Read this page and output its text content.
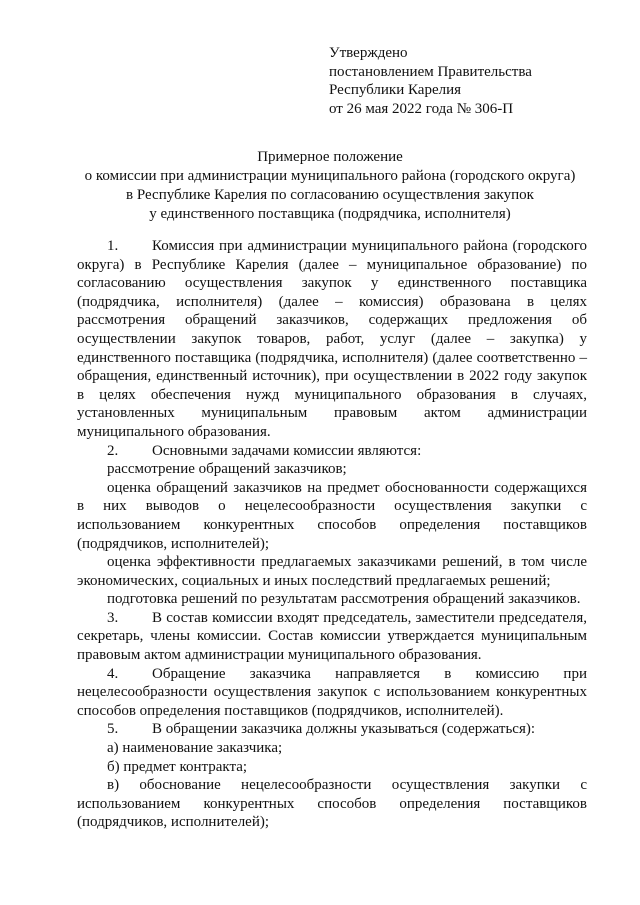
Утверждено
постановлением Правительства
Республики Карелия
от 26 мая 2022 года № 306-П
Примерное положение
о комиссии при администрации муниципального района (городского округа)
в Республике Карелия по согласованию осуществления закупок
у единственного поставщика (подрядчика, исполнителя)

1. Комиссия при администрации муниципального района (городского округа) в Республике Карелия (далее – муниципальное образование) по согласованию осуществления закупок у единственного поставщика (подрядчика, исполнителя) (далее – комиссия) образована в целях рассмотрения обращений заказчиков, содержащих предложения об осуществлении закупок товаров, работ, услуг (далее – закупка) у единственного поставщика (подрядчика, исполнителя) (далее соответственно – обращения, единственный источник), при осуществлении в 2022 году закупок в целях обеспечения нужд муниципального образования в случаях, установленных муниципальным правовым актом администрации муниципального образования.

2. Основными задачами комиссии являются:

рассмотрение обращений заказчиков;

оценка обращений заказчиков на предмет обоснованности содержащихся в них выводов о нецелесообразности осуществления закупки с использованием конкурентных способов определения поставщиков (подрядчиков, исполнителей);

оценка эффективности предлагаемых заказчиками решений, в том числе экономических, социальных и иных последствий предлагаемых решений;

подготовка решений по результатам рассмотрения обращений заказчиков.

3. В состав комиссии входят председатель, заместители председателя, секретарь, члены комиссии. Состав комиссии утверждается муниципальным правовым актом администрации муниципального образования.

4. Обращение заказчика направляется в комиссию при нецелесообразности осуществления закупок с использованием конкурентных способов определения поставщиков (подрядчиков, исполнителей).

5. В обращении заказчика должны указываться (содержаться):

а) наименование заказчика;

б) предмет контракта;

в) обоснование нецелесообразности осуществления закупки с использованием конкурентных способов определения поставщиков (подрядчиков, исполнителей);
